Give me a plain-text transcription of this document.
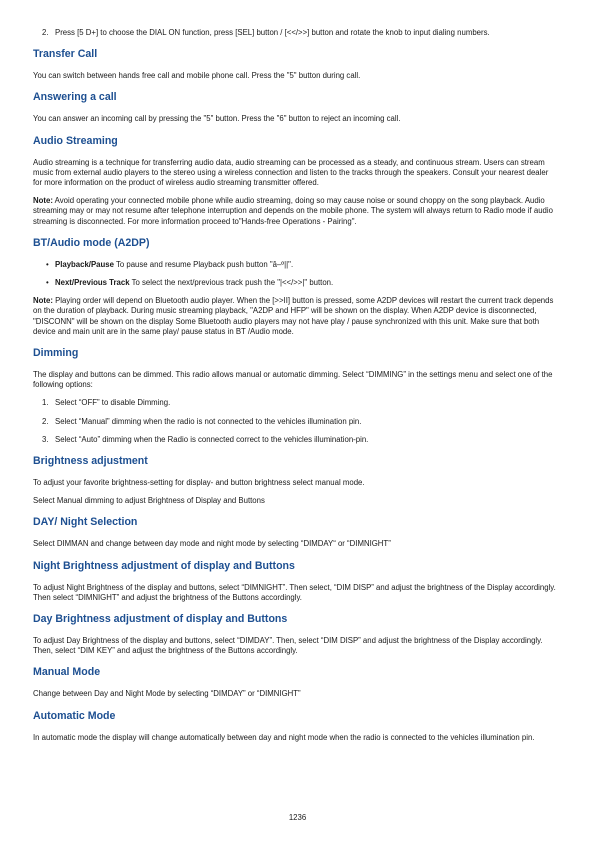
2. Press [5 D+] to choose the DIAL ON function, press [SEL] button / [<</>>] button and rotate the knob to input dialing numbers.
Transfer Call

You can switch between hands free call and mobile phone call. Press the "5" button during call.

Answering a call

You can answer an incoming call by pressing the "5" button. Press the "6" button to reject an incoming call.

Audio Streaming

Audio streaming is a technique for transferring audio data, audio streaming can be processed as a steady, and continuous stream. Users can stream music from external audio players to the stereo using a wireless connection and listen to the tracks through the speakers. Consult your nearest dealer for more information on the product of wireless audio streaming transmitter offered.

Note: Avoid operating your connected mobile phone while audio streaming, doing so may cause noise or sound choppy on the song playback. Audio streaming may or may not resume after telephone interruption and depends on the mobile phone. The system will always return to Radio mode if audio streaming is disconnected. For more information proceed to"Hands-free Operations - Pairing".

BT/Audio mode (A2DP)
• Playback/Pause To pause and resume Playback push button "â–º||".
• Next/Previous Track To select the next/previous track push the "|<</>>|" button.

Note: Playing order will depend on Bluetooth audio player. When the [>>II] button is pressed, some A2DP devices will restart the current track depends on the duration of playback. During music streaming playback, "A2DP and HFP" will be shown on the display. When A2DP device is disconnected, "DISCONN" will be shown on the display Some Bluetooth audio players may not have play / pause synchronized with this unit. Make sure that both device and main unit are in the same play/ pause status in BT /Audio mode.

Dimming

The display and buttons can be dimmed. This radio allows manual or automatic dimming. Select “DIMMING” in the settings menu and select one of the following options:

1. Select “OFF” to disable Dimming.
2. Select “Manual” dimming when the radio is not connected to the vehicles illumination pin.
3. Select “Auto” dimming when the Radio is connected correct to the vehicles illumination-pin.
Brightness adjustment

To adjust your favorite brightness-setting for display- and button brightness select manual mode.

Select Manual dimming to adjust Brightness of Display and Buttons

DAY/ Night Selection

Select DIMMAN and change between day mode and night mode by selecting “DIMDAY“ or “DIMNIGHT”

Night Brightness adjustment of display and Buttons

To adjust Night Brightness of the display and buttons, select “DIMNIGHT”. Then select, “DIM DISP” and adjust the brightness of the Display accordingly. Then select “DIMNIGHT” and adjust the brightness of the Buttons accordingly.

Day Brightness adjustment of display and Buttons

To adjust Day Brightness of the display and buttons, select “DIMDAY”. Then, select “DIM DISP” and adjust the brightness of the Display accordingly. Then, select “DIM KEY” and adjust the brightness of the Buttons accordingly.

Manual Mode

Change between Day and Night Mode by selecting “DIMDAY” or “DIMNIGHT”

Automatic Mode

In automatic mode the display will change automatically between day and night mode when the radio is connected to the vehicles illumination pin.

1236
